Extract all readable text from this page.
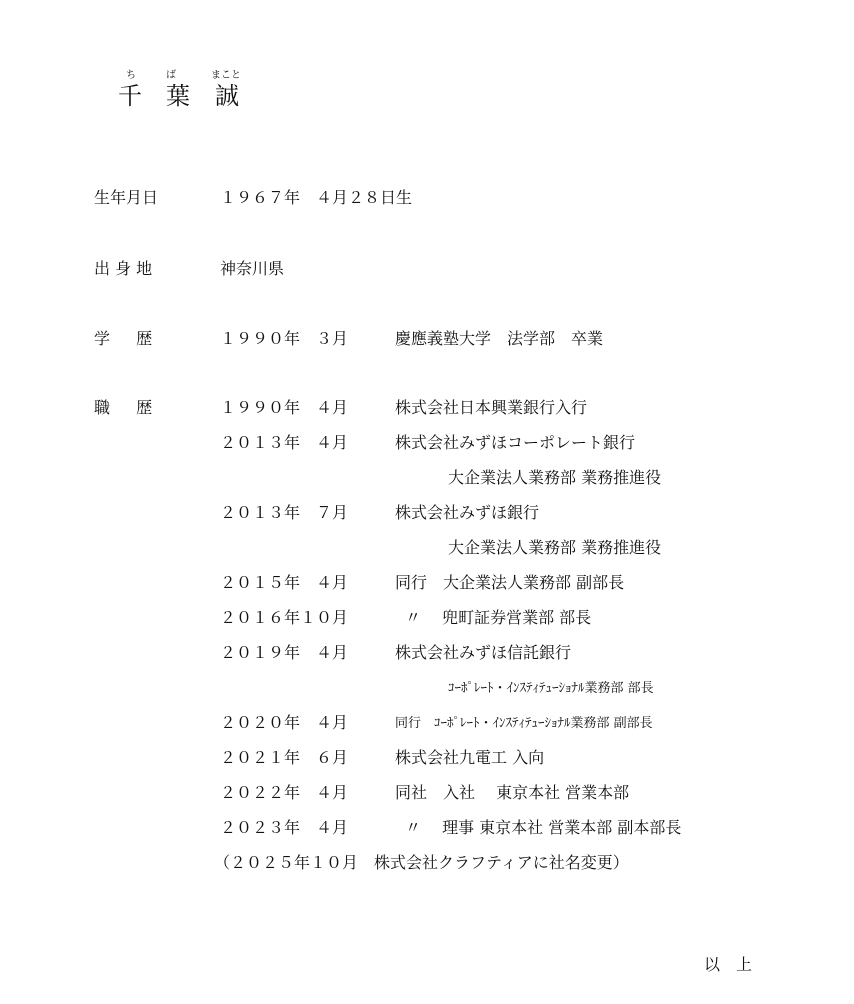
ち	ば	まこと
千 葉 誠
生年月日	１９６７年　４月２８日生
出 身 地	神奈川県
学 　 歴	１９９０年　３月	慶應義塾大学　法学部　卒業
職 　 歴	１９９０年　４月	株式会社日本興業銀行入行
２０１３年　４月	株式会社みずほコーポレート銀行
大企業法人業務部 業務推進役
２０１３年　７月	株式会社みずほ銀行
大企業法人業務部 業務推進役
２０１５年　４月	同行　大企業法人業務部 副部長
２０１６年１０月	〃　 兜町証券営業部 部長
２０１９年　４月	株式会社みずほ信託銀行
ｺｰﾎﾟﾚｰﾄ・ｲﾝｽﾃｨﾃｭｰｼｮﾅﾙ業務部 部長
２０２０年　４月	同行　ｺｰﾎﾟﾚｰﾄ・ｲﾝｽﾃｨﾃｭｰｼｮﾅﾙ業務部 副部長
２０２１年　６月	株式会社九電工 入向
２０２２年　４月	同社　入社　 東京本社 営業本部
２０２３年　４月	〃　 理事 東京本社 営業本部 副本部長
（２０２５年１０月　株式会社クラフティアに社名変更）
以　上
